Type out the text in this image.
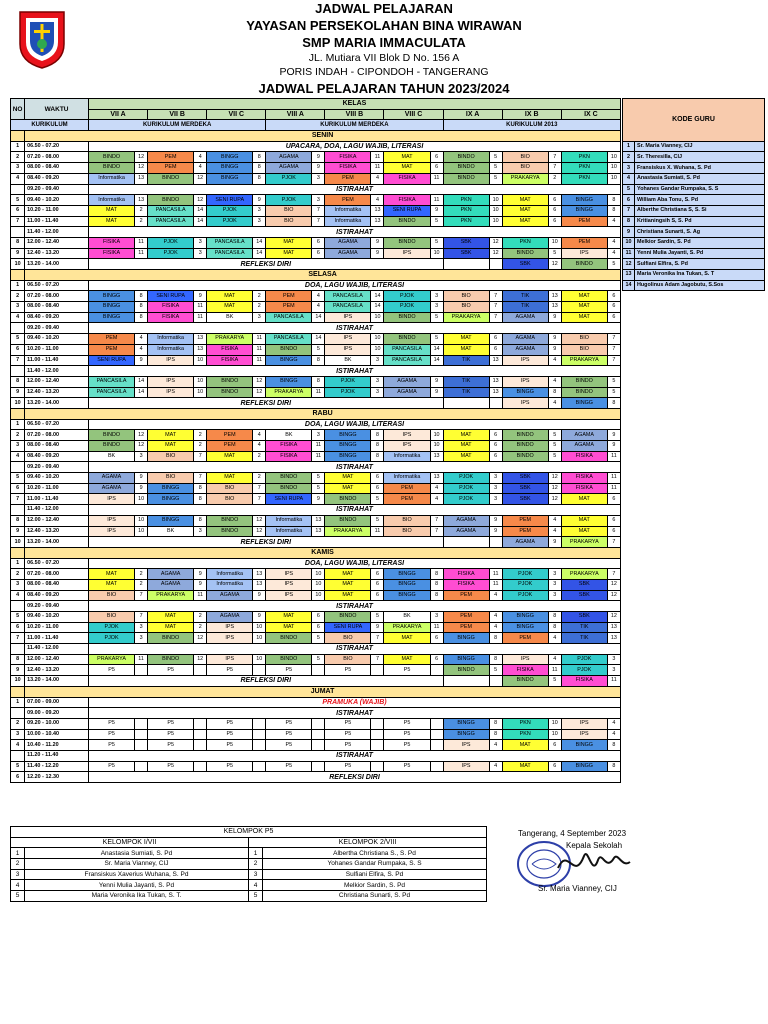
JADWAL PELAJARAN
YAYASAN PERSEKOLAHAN BINA WIRAWAN
SMP MARIA IMMACULATA
JL. Mutiara VII Blok D No. 156 A
PORIS INDAH - CIPONDOH - TANGERANG
JADWAL PELAJARAN TAHUN 2023/2024
NO	WAKTU	KELAS																	
		VII A		VII B		VII C		VIII A		VIII B		VIII C		IX A		IX B		IX C	
KURIKULUM		KURIKULUM MERDEKA						KURIKULUM MERDEKA						KURIKULUM 2013					
	SENIN																		
1	06.50 - 07.20	UPACARA, DOA, LAGU WAJIB, LITERASI																	
2	07.20 - 08.00	BINDO	12	PEM	4	BINGG	8	AGAMA	9	FISIKA	11	MAT	6	BINDO	5	BIO	7	PKN	10
3	08.00 - 08.40	BINDO	12	PEM	4	BINGG	8	AGAMA	9	FISIKA	11	MAT	6	BINDO	5	BIO	7	PKN	10
4	08.40 - 09.20	Informatika	13	BINDO	12	BINGG	8	PJOK	3	PEM	4	FISIKA	11	BINDO	5	PRAKARYA	2	PKN	10
	09.20 - 09.40	ISTIRAHAT																	
5	09.40 - 10.20	Informatika	13	BINDO	12	SENI RUPA	9	PJOK	3	PEM	4	FISIKA	11	PKN	10	MAT	6	BINGG	8
6	10.20 - 11.00	MAT	2	PANCASILA	14	PJOK	3	BIO	7	Informatika	13	SENI RUPA	9	PKN	10	MAT	6	BINGG	8
7	11.00 - 11.40	MAT	2	PANCASILA	14	PJOK	3	BIO	7	Informatika	13	BINDO	5	PKN	10	MAT	6	PEM	4
	11.40 - 12.00	ISTIRAHAT																	
8	12.00 - 12.40	FISIKA	11	PJOK	3	PANCASILA	14	MAT	6	AGAMA	9	BINDO	5	SBK	12	PKN	10	PEM	4
9	12.40 - 13.20	FISIKA	11	PJOK	3	PANCASILA	14	MAT	6	AGAMA	9	IPS	10	SBK	12	BINDO	5	IPS	4
10	13.20 - 14.00	REFLEKSI DIRI														SBK	12	BINDO	5
	SELASA																		
1	06.50 - 07.20	DOA, LAGU WAJIB, LITERASI																	
2	07.20 - 08.00	BINGG	8	SENI RUPA	9	MAT	2	PEM	4	PANCASILA	14	PJOK	3	BIO	7	TIK	13	MAT	6
3	08.00 - 08.40	BINGG	8	FISIKA	11	MAT	2	PEM	4	PANCASILA	14	PJOK	3	BIO	7	TIK	13	MAT	6
4	08.40 - 09.20	BINGG	8	FISIKA	11	BK	3	PANCASILA	14	IPS	10	BINDO	5	PRAKARYA	7	AGAMA	9	MAT	6
	09.20 - 09.40	ISTIRAHAT																	
5	09.40 - 10.20	PEM	4	Informatika	13	PRAKARYA	11	PANCASILA	14	IPS	10	BINDO	5	MAT	6	AGAMA	9	BIO	7
6	10.20 - 11.00	PEM	4	Informatika	13	FISIKA	11	BINDO	5	IPS	10	PANCASILA	14	MAT	6	AGAMA	9	BIO	7
7	11.00 - 11.40	SENI RUPA	9	IPS	10	FISIKA	11	BINGG	8	BK	3	PANCASILA	14	TIK	13	IPS	4	PRAKARYA	7
	11.40 - 12.00	ISTIRAHAT																	
8	12.00 - 12.40	PANCASILA	14	IPS	10	BINDO	12	BINGG	8	PJOK	3	AGAMA	9	TIK	13	IPS	4	BINDO	5
9	12.40 - 13.20	PANCASILA	14	IPS	10	BINDO	12	PRAKARYA	11	PJOK	3	AGAMA	9	TIK	13	BINGG	8	BINDO	5
10	13.20 - 14.00	REFLEKSI DIRI														IPS	4	BINGG	8
	RABU																		
1	06.50 - 07.20	DOA, LAGU WAJIB, LITERASI																	
2	07.20 - 08.00	BINDO	12	MAT	2	PEM	4	BK	3	BINGG	8	IPS	10	MAT	6	BINDO	5	AGAMA	9
3	08.00 - 08.40	BINDO	12	MAT	2	PEM	4	FISIKA	11	BINGG	8	IPS	10	MAT	6	BINDO	5	AGAMA	9
4	08.40 - 09.20	BK	3	BIO	7	MAT	2	FISIKA	11	BINGG	8	Informatika	13	MAT	6	BINDO	5	FISIKA	11
	09.20 - 09.40	ISTIRAHAT																	
5	09.40 - 10.20	AGAMA	9	BIO	7	MAT	2	BINDO	5	MAT	6	Informatika	13	PJOK	3	SBK	12	FISIKA	11
6	10.20 - 11.00	AGAMA	9	BINGG	8	BIO	7	BINDO	5	MAT	6	PEM	4	PJOK	3	SBK	12	FISIKA	11
7	11.00 - 11.40	IPS	10	BINGG	8	BIO	7	SENI RUPA	9	BINDO	5	PEM	4	PJOK	3	SBK	12	MAT	6
	11.40 - 12.00	ISTIRAHAT																	
8	12.00 - 12.40	IPS	10	BINGG	8	BINDO	12	Informatika	13	BINDO	5	BIO	7	AGAMA	9	PEM	4	MAT	6
9	12.40 - 13.20	IPS	10	BK	3	BINDO	12	Informatika	13	PRAKARYA	11	BIO	7	AGAMA	9	PEM	4	MAT	6
10	13.20 - 14.00	REFLEKSI DIRI														AGAMA	9	PRAKARYA	7
	KAMIS																		
1	06.50 - 07.20	DOA, LAGU WAJIB, LITERASI																	
2	07.20 - 08.00	MAT	2	AGAMA	9	Informatika	13	IPS	10	MAT	6	BINGG	8	FISIKA	11	PJOK	3	PRAKARYA	7
3	08.00 - 08.40	MAT	2	AGAMA	9	Informatika	13	IPS	10	MAT	6	BINGG	8	FISIKA	11	PJOK	3	SBK	12
4	08.40 - 09.20	BIO	7	PRAKARYA	11	AGAMA	9	IPS	10	MAT	6	BINGG	8	PEM	4	PJOK	3	SBK	12
	09.20 - 09.40	ISTIRAHAT																	
5	09.40 - 10.20	BIO	7	MAT	2	AGAMA	9	MAT	6	BINDO	5	BK	3	PEM	4	BINGG	8	SBK	12
6	10.20 - 11.00	PJOK	3	MAT	2	IPS	10	MAT	6	SENI RUPA	9	PRAKARYA	11	PEM	4	BINGG	8	TIK	13
7	11.00 - 11.40	PJOK	3	BINDO	12	IPS	10	BINDO	5	BIO	7	MAT	6	BINGG	8	PEM	4	TIK	13
	11.40 - 12.00	ISTIRAHAT																	
8	12.00 - 12.40	PRAKARYA	11	BINDO	12	IPS	10	BINDO	5	BIO	7	MAT	6	BINGG	8	IPS	4	PJOK	3
9	12.40 - 13.20	P5		P5		P5		P5		P5		P5		BINDO	5	FISIKA	11	PJOK	3
10	13.20 - 14.00	REFLEKSI DIRI														BINDO	5	FISIKA	11
	JUMAT																		
1	07.00 - 09.00	PRAMUKA (WAJIB)																	
	09.00 - 09.20	ISTIRAHAT																	
2	09.20 - 10.00	P5		P5		P5		P5		P5		P5		BINGG	8	PKN	10	IPS	4
3	10.00 - 10.40	P5		P5		P5		P5		P5		P5		BINGG	8	PKN	10	IPS	4
4	10.40 - 11.20	P5		P5		P5		P5		P5		P5		IPS	4	MAT	6	BINGG	8
	11.20 - 11.40	ISTIRAHAT																	
5	11.40 - 12.20	P5		P5		P5		P5		P5		P5		IPS	4	MAT	6	BINGG	8
6	12.20 - 12.30	REFLEKSI DIRI																	
KODE GURU	
1	Sr. Maria Vianney, CIJ
2	Sr. Theresilla, CIJ
3	Fransiskus X. Wuhana, S. Pd
4	Anastasia Sumiati, S. Pd
5	Yohanes Gandar Rumpaka, S. S
6	William Aba Tonu, S. Pd
7	Alberthe Christiana S, S. Si
8	Kritianingsih S, S. Pd
9	Christiana Sunarti, S. Ag
10	Melkior Sardin, S. Pd
11	Yenni Mulia Jayanti, S. Pd
12	Sulfiani Elfira, S. Pd
13	Maria Veronika Ina Tukan, S. T
14	Hugolinus Adam Jagobutu, S.Sos
KELOMPOK P5			
KELOMPOK I/VII		KELOMPOK 2/VIII	
1	Anastasia Sumiati, S. Pd	1	Albertha Christiana S., S. Pd
2	Sr. Maria Vianney, CIJ	2	Yohanes Gandar Rumpaka, S. S
3	Fransiskus Xaverius Wuhana, S. Pd	3	Sulfiani Elfira, S. Pd
4	Yenni Mulia Jayanti, S. Pd	4	Melkior Sardin, S. Pd
5	Maria Veronika Ika Tukan, S. T.	5	Christiana Sunarti, S. Pd
Tangerang, 4 September 2023
Kepala Sekolah
Sr. Maria Vianney, CIJ
